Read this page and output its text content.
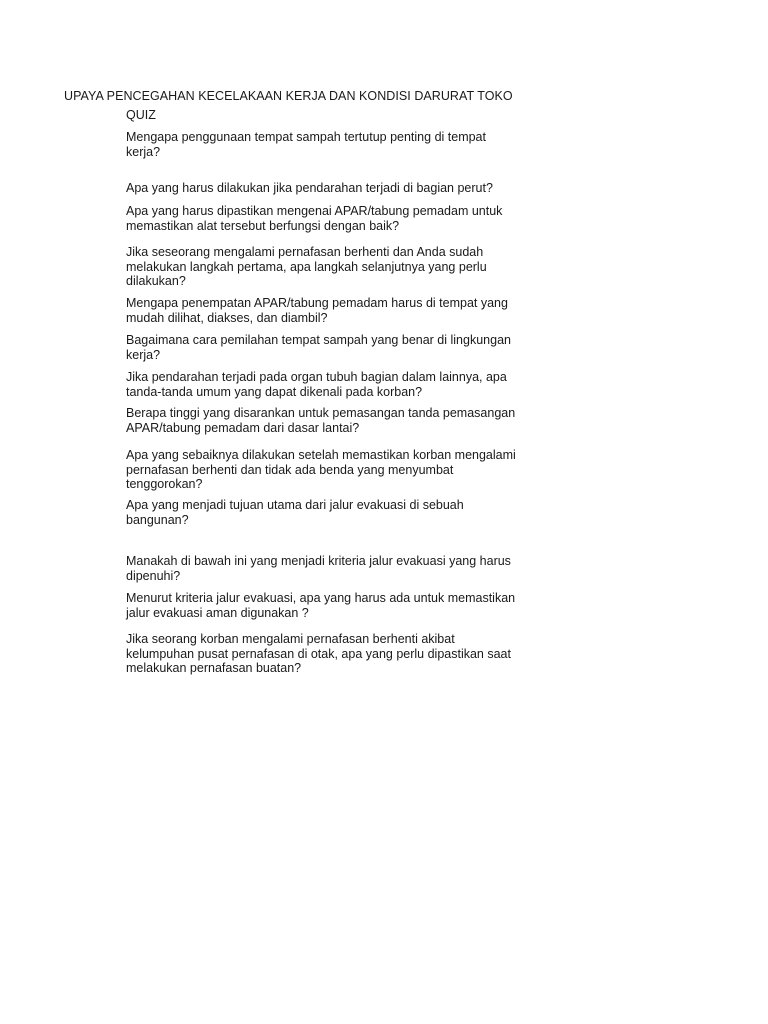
UPAYA PENCEGAHAN KECELAKAAN KERJA DAN KONDISI DARURAT TOKO
QUIZ

Mengapa penggunaan tempat sampah tertutup penting di tempat kerja?

Apa yang harus dilakukan jika pendarahan terjadi di bagian perut?

Apa yang harus dipastikan mengenai APAR/tabung pemadam untuk memastikan alat tersebut berfungsi dengan baik?

Jika seseorang mengalami pernafasan berhenti dan Anda sudah melakukan langkah pertama, apa langkah selanjutnya yang perlu dilakukan?

Mengapa penempatan APAR/tabung pemadam harus di tempat yang mudah dilihat, diakses, dan diambil?

Bagaimana cara pemilahan tempat sampah yang benar di lingkungan kerja?

Jika pendarahan terjadi pada organ tubuh bagian dalam lainnya, apa tanda-tanda umum yang dapat dikenali pada korban?

Berapa tinggi yang disarankan untuk pemasangan tanda pemasangan APAR/tabung pemadam dari dasar lantai?

Apa yang sebaiknya dilakukan setelah memastikan korban mengalami pernafasan berhenti dan tidak ada benda yang menyumbat tenggorokan?

Apa yang menjadi tujuan utama dari jalur evakuasi di sebuah bangunan?

Manakah di bawah ini yang menjadi kriteria jalur evakuasi yang harus dipenuhi?

Menurut kriteria jalur evakuasi, apa yang harus ada untuk memastikan jalur evakuasi aman digunakan ?

Jika seorang korban mengalami pernafasan berhenti akibat kelumpuhan pusat pernafasan di otak, apa yang perlu dipastikan saat melakukan pernafasan buatan?
